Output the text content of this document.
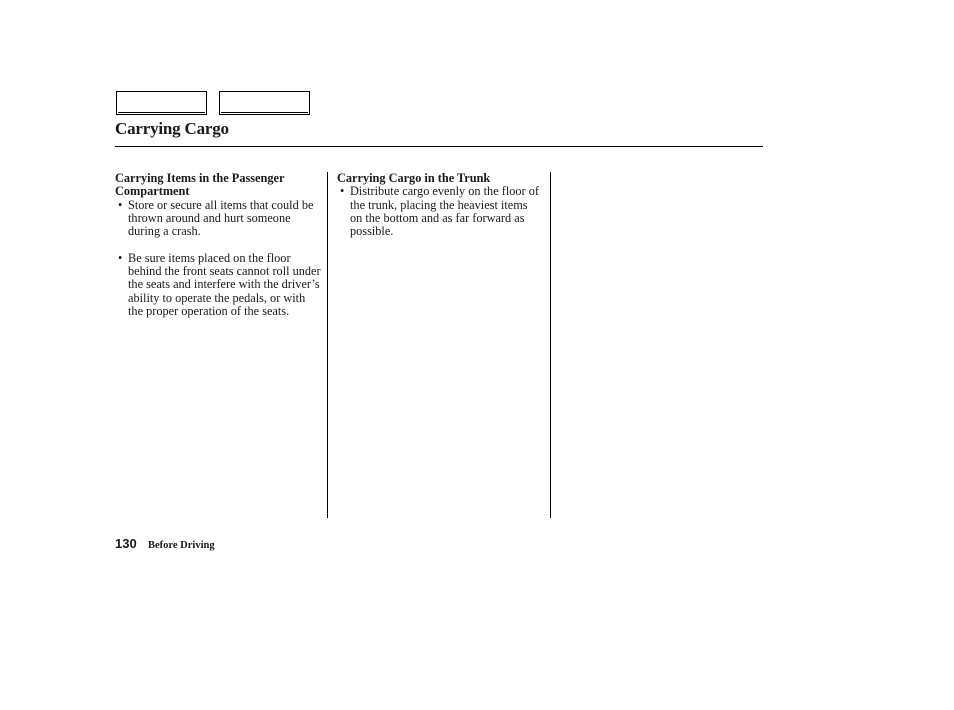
Carrying Cargo

Carrying Items in the Passenger Compartment

• Store or secure all items that could be thrown around and hurt someone during a crash.
• Be sure items placed on the floor behind the front seats cannot roll under the seats and interfere with the driver’s ability to operate the pedals, or with the proper operation of the seats.

Carrying Cargo in the Trunk

• Distribute cargo evenly on the floor of the trunk, placing the heaviest items on the bottom and as far forward as possible.
130 Before Driving
